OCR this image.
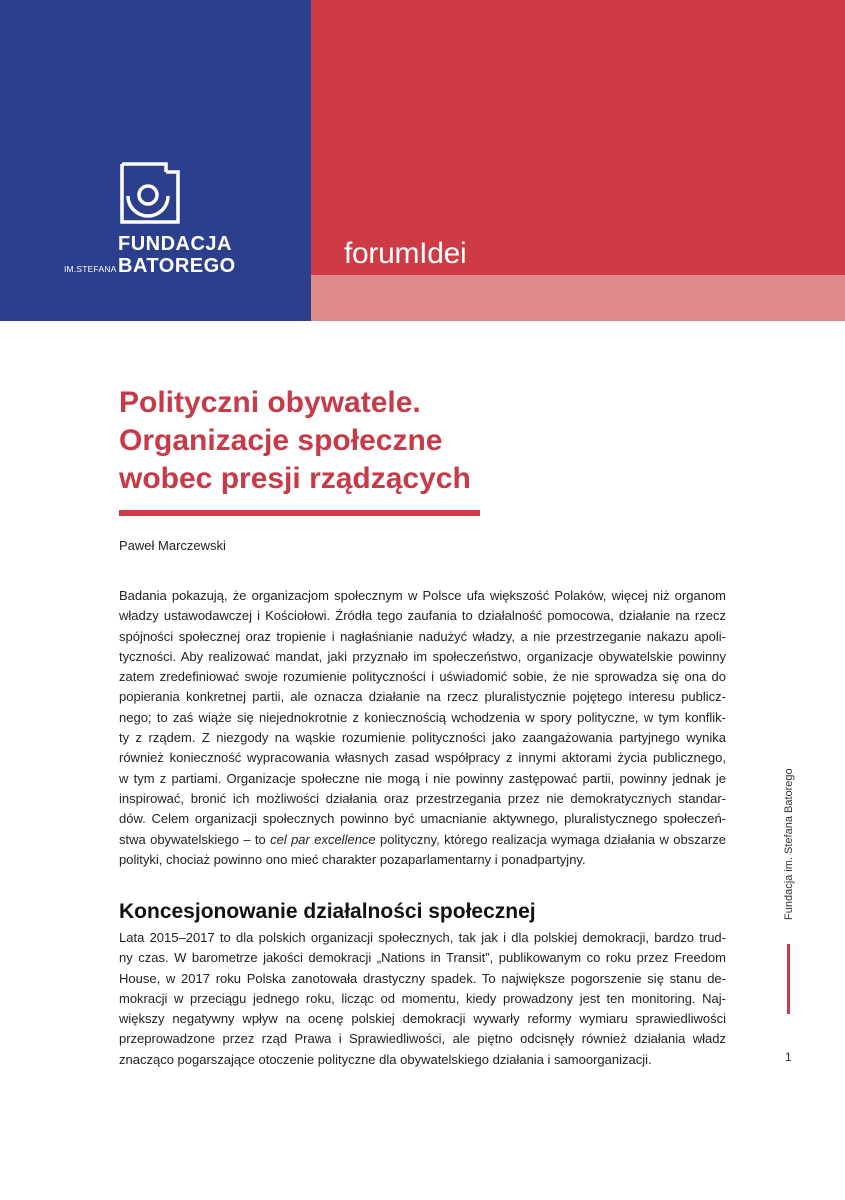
FUNDACJA
IM.STEFANA BATOREGO	forumIdei
Polityczni obywatele.
Organizacje społeczne
wobec presji rządzących
Paweł Marczewski
Badania pokazują, że organizacjom społecznym w Polsce ufa większość Polaków, więcej niż organom
władzy ustawodawczej i Kościołowi. Źródła tego zaufania to działalność pomocowa, działanie na rzecz
spójności społecznej oraz tropienie i nagłaśnianie nadużyć władzy, a nie przestrzeganie nakazu apoli-
tyczności. Aby realizować mandat, jaki przyznało im społeczeństwo, organizacje obywatelskie powinny
zatem zredefiniować swoje rozumienie polityczności i uświadomić sobie, że nie sprowadza się ona do
popierania konkretnej partii, ale oznacza działanie na rzecz pluralistycznie pojętego interesu publicz-
nego; to zaś wiąże się niejednokrotnie z koniecznością wchodzenia w spory polityczne, w tym konflik-
ty z rządem. Z niezgody na wąskie rozumienie polityczności jako zaangażowania partyjnego wynika
również konieczność wypracowania własnych zasad współpracy z innymi aktorami życia publicznego,
w tym z partiami. Organizacje społeczne nie mogą i nie powinny zastępować partii, powinny jednak je
inspirować, bronić ich możliwości działania oraz przestrzegania przez nie demokratycznych standar-
dów. Celem organizacji społecznych powinno być umacnianie aktywnego, pluralistycznego społeczeń-
stwa obywatelskiego – to cel par excellence polityczny, którego realizacja wymaga działania w obszarze
polityki, chociaż powinno ono mieć charakter pozaparlamentarny i ponadpartyjny.
Koncesjonowanie działalności społecznej
Lata 2015–2017 to dla polskich organizacji społecznych, tak jak i dla polskiej demokracji, bardzo trud-
ny czas. W barometrze jakości demokracji „Nations in Transit”, publikowanym co roku przez Freedom
House, w 2017 roku Polska zanotowała drastyczny spadek. To największe pogorszenie się stanu de-
mokracji w przeciągu jednego roku, licząc od momentu, kiedy prowadzony jest ten monitoring. Naj-
większy negatywny wpływ na ocenę polskiej demokracji wywarły reformy wymiaru sprawiedliwości
przeprowadzone przez rząd Prawa i Sprawiedliwości, ale piętno odcisnęły również działania władz
znacząco pogarszające otoczenie polityczne dla obywatelskiego działania i samoorganizacji.
Fundacja im. Stefana Batorego
1
